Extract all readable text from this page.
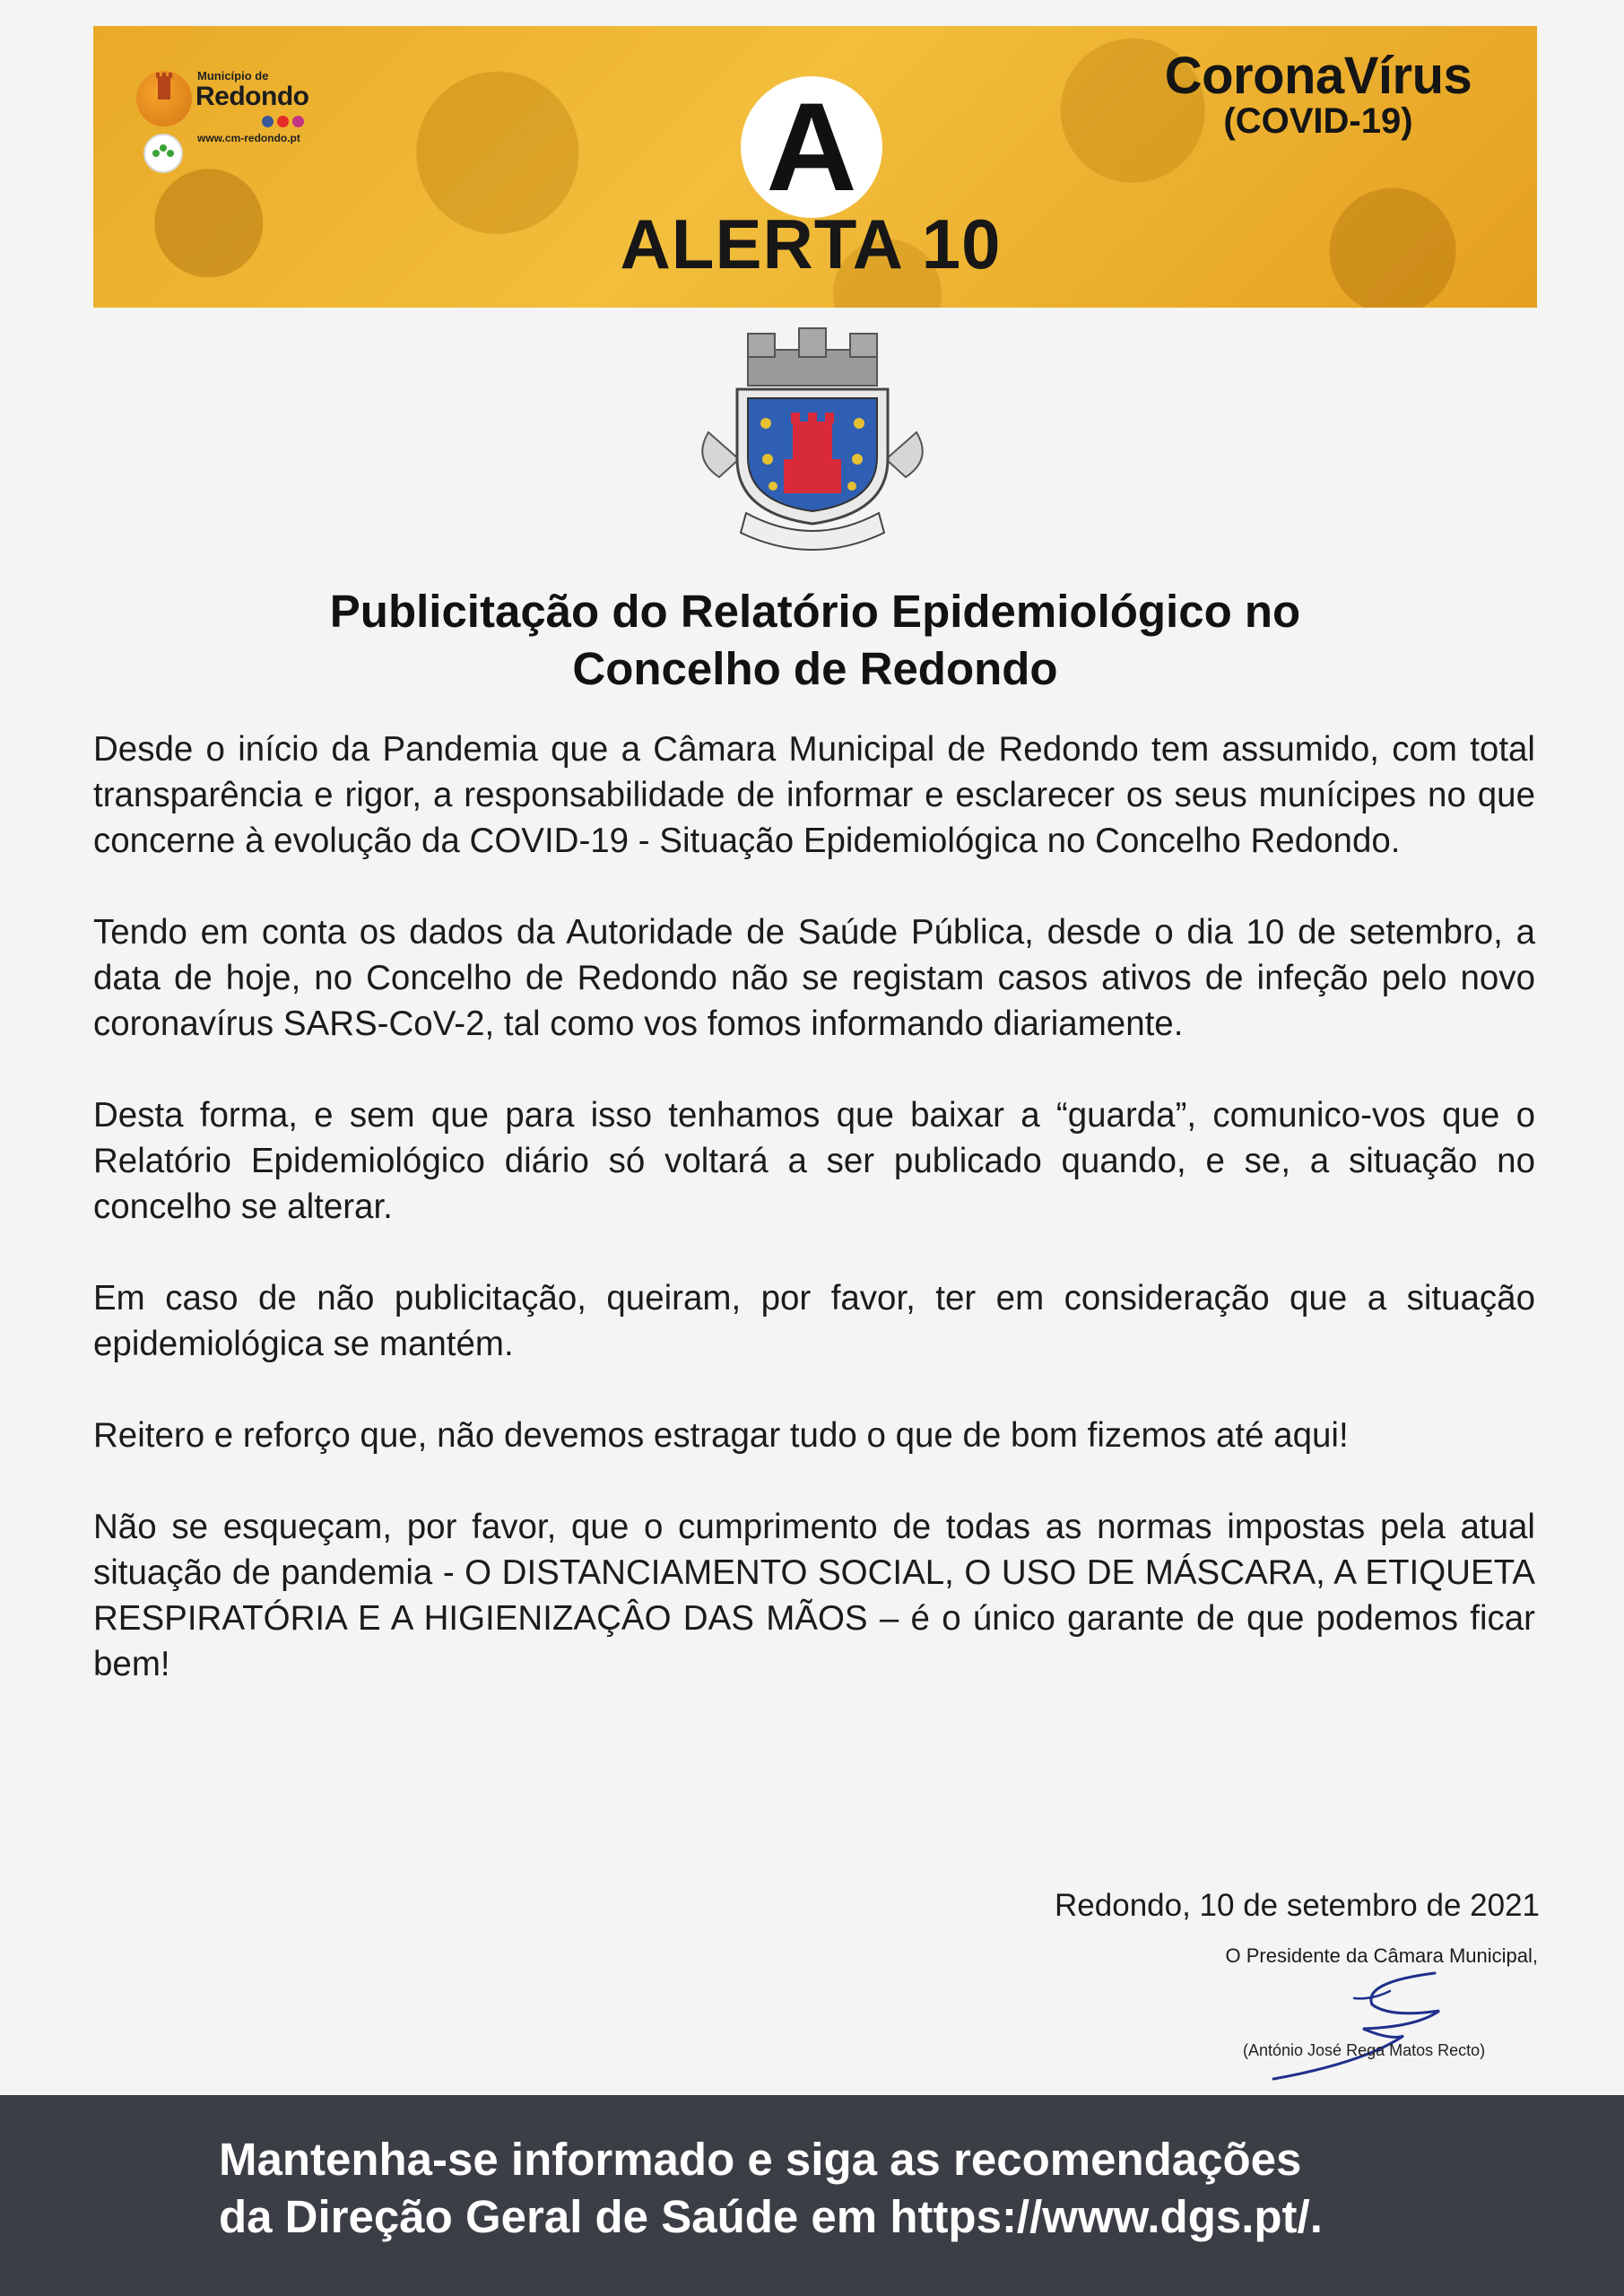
Município de
Redondo
www.cm-redondo.pt	A
ALERTA 10
CoronaVírus
(COVID-19)
Publicitação do Relatório Epidemiológico no
Concelho de Redondo

Desde o início da Pandemia que a Câmara Municipal de Redondo tem assumido, com total transparência e rigor, a responsabilidade de informar e esclarecer os seus munícipes no que concerne à evolução da COVID-19 - Situação Epidemiológica no Concelho Redondo.

Tendo em conta os dados da Autoridade de Saúde Pública, desde o dia 10 de setembro, a data de hoje, no Concelho de Redondo não se registam casos ativos de infeção pelo novo coronavírus SARS-CoV-2, tal como vos fomos informando diariamente.

Desta forma, e sem que para isso tenhamos que baixar a “guarda”, comunico-vos que o Relatório Epidemiológico diário só voltará a ser publicado quando, e se, a situação no concelho se alterar.

Em caso de não publicitação, queiram, por favor, ter em consideração que a situação epidemiológica se mantém.

Reitero e reforço que, não devemos estragar tudo o que de bom fizemos até aqui!

Não se esqueçam, por favor, que o cumprimento de todas as normas impostas pela atual situação de pandemia - O DISTANCIAMENTO SOCIAL, O USO DE MÁSCARA, A ETIQUETA RESPIRATÓRIA E A HIGIENIZAÇÂO DAS MÃOS – é o único garante de que podemos ficar bem!

Redondo, 10 de setembro de 2021
O Presidente da Câmara Municipal,
(António José Rega Matos Recto)
Mantenha-se informado e siga as recomendações
da Direção Geral de Saúde em https://www.dgs.pt/.
